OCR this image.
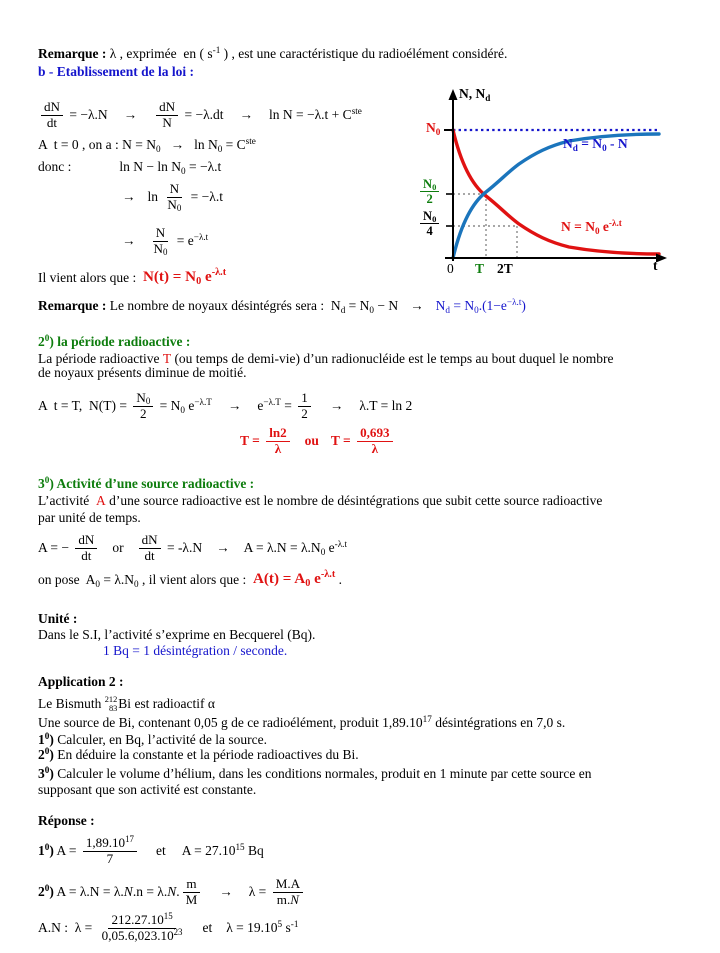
Remarque : λ , exprimée  en ( $s^{-1}$ ) , est une caractéristique du radioélément considéré.
b - Etablissement de la loi :
$\frac{dN}{dt} = -\lambda.N \to \frac{dN}{N} = -\lambda.dt \to \ln N = -\lambda.t + Cste$
A  t = 0 , on a : N = N0 → ln N0 = Cste
donc :	ln N − ln N0 = −λ.t
→ $\ln \frac{N}{N0} = -\lambda.t$
→ $\frac{N}{N0} = e^{-\lambda.t}$
Il vient alors que : N(t) = N0 $e^{-\lambda.t}$
Remarque : Le nombre de noyaux désintégrés sera :  $Nd = N0 - N \to Nd = N0.(1-e^{-\lambda.t})$
$2^0$) la période radioactive :
La période radioactive T (ou temps de demi-vie) d’un radionucléide est le temps au bout duquel le nombre
de noyaux présents diminue de moitié.
A  t = T,  $N(T) = \frac{N0}{2} = N0$ $e^{-\lambda.T} \to e^{-\lambda.T} = \frac{1}{2} \to \lambda.T = \ln 2$
$T = \frac{\ln 2}{\lambda}$ ou $T = \frac{0,693}{\lambda}$
$3^0$) Activité d’une source radioactive :
L’activité A d’une source radioactive est le nombre de désintégrations que subit cette source radioactive
par unité de temps.
A = − $\frac{dN}{dt}$ or $\frac{dN}{dt} = -\lambda.N \to A = \lambda.N = \lambda.N0$ $e^{-\lambda.t}$
on pose  A0 = λ.N0 , il vient alors que : A(t) = A0 $e^{-\lambda.t}$ .
Unité :
Dans le S.I, l’activité s’exprime en Becquerel (Bq).
1 Bq = 1 désintégration / seconde.
Application 2 :
Le Bismuth 212
83 Bi est radioactif α
Une source de Bi, contenant 0,05 g de ce radioélément, produit 1,89.10$^{17}$ désintégrations en 7,0 s.
$1^0$) Calculer, en Bq, l’activité de la source.
$2^0$) En déduire la constante et la période radioactives du Bi.
$3^0$) Calculer le volume d’hélium, dans les conditions normales, produit en 1 minute par cette source en
supposant que son activité est constante.
Réponse :
$1^0$) $A = \frac{1,89.10^{17}}{7}$ et $A = 27.10^{15}$ Bq
$2^0$) A = λ.N = λ.N.n = λ.N. $\frac{m}{M} \to \lambda = \frac{M.A}{m.N}$
A.N :  $\lambda = \frac{212.27.10^{15}}{0,05.6,023.10^{23}}$ et $\lambda = 19.10^5$ $s^{-1}$
N, Nd
N0
$\frac{N0}{2}$
$\frac{N0}{4}$
0 T 2T	t
Nd = N0 - N
N = N0 $e^{-\lambda.t}$
